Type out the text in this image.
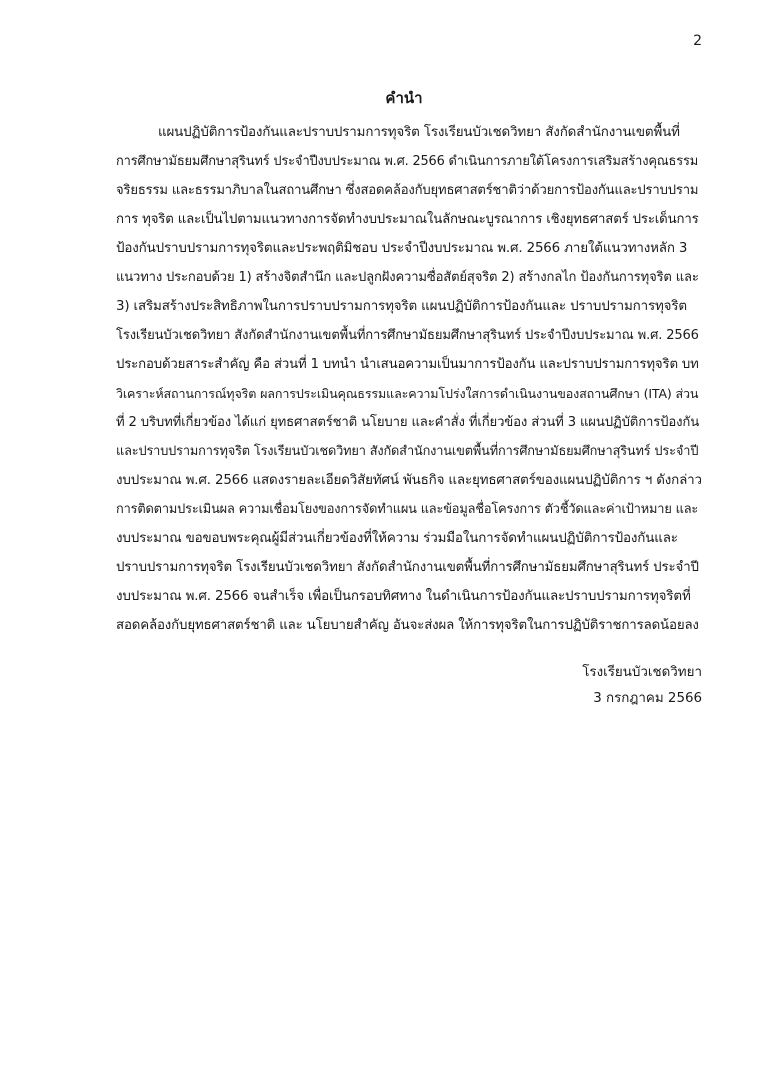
2
คำนำ
แผนปฏิบัติการป้องกันและปราบปรามการทุจริต โรงเรียนบัวเชดวิทยา สังกัดสำนักงานเขตพื้นที่
การศึกษามัธยมศึกษาสุรินทร์ ประจำปีงบประมาณ พ.ศ. 2566 ดำเนินการภายใต้โครงการเสริมสร้างคุณธรรม
จริยธรรม และธรรมาภิบาลในสถานศึกษา ซึ่งสอดคล้องกับยุทธศาสตร์ชาติว่าด้วยการป้องกันและปราบปราม
การ ทุจริต และเป็นไปตามแนวทางการจัดทำงบประมาณในลักษณะบูรณาการ เชิงยุทธศาสตร์ ประเด็นการ
ป้องกันปราบปรามการทุจริตและประพฤติมิชอบ ประจำปีงบประมาณ พ.ศ. 2566 ภายใต้แนวทางหลัก 3
แนวทาง ประกอบด้วย 1) สร้างจิตสำนึก และปลูกฝังความซื่อสัตย์สุจริต 2) สร้างกลไก ป้องกันการทุจริต และ
3) เสริมสร้างประสิทธิภาพในการปราบปรามการทุจริต แผนปฏิบัติการป้องกันและ ปราบปรามการทุจริต
โรงเรียนบัวเชดวิทยา สังกัดสำนักงานเขตพื้นที่การศึกษามัธยมศึกษาสุรินทร์ ประจำปีงบประมาณ พ.ศ. 2566
ประกอบด้วยสาระสำคัญ คือ ส่วนที่ 1 บทนำ นำเสนอความเป็นมาการป้องกัน และปราบปรามการทุจริต บท
วิเคราะห์สถานการณ์ทุจริต ผลการประเมินคุณธรรมและความโปร่งใสการดำเนินงานของสถานศึกษา (ITA) ส่วน
ที่ 2 บริบทที่เกี่ยวข้อง ได้แก่ ยุทธศาสตร์ชาติ นโยบาย และคำสั่ง ที่เกี่ยวข้อง ส่วนที่ 3 แผนปฏิบัติการป้องกัน
และปราบปรามการทุจริต โรงเรียนบัวเชดวิทยา สังกัดสำนักงานเขตพื้นที่การศึกษามัธยมศึกษาสุรินทร์ ประจำปี
งบประมาณ พ.ศ. 2566 แสดงรายละเอียดวิสัยทัศน์ พันธกิจ และยุทธศาสตร์ของแผนปฏิบัติการ ฯ ดังกล่าว
การติดตามประเมินผล ความเชื่อมโยงของการจัดทำแผน และข้อมูลชื่อโครงการ ตัวชี้วัดและค่าเป้าหมาย และ
งบประมาณ ขอขอบพระคุณผู้มีส่วนเกี่ยวข้องที่ให้ความ ร่วมมือในการจัดทำแผนปฏิบัติการป้องกันและ
ปราบปรามการทุจริต โรงเรียนบัวเชดวิทยา สังกัดสำนักงานเขตพื้นที่การศึกษามัธยมศึกษาสุรินทร์ ประจำปี
งบประมาณ พ.ศ. 2566 จนสำเร็จ เพื่อเป็นกรอบทิศทาง ในดำเนินการป้องกันและปราบปรามการทุจริตที่
สอดคล้องกับยุทธศาสตร์ชาติ และ นโยบายสำคัญ อันจะส่งผล ให้การทุจริตในการปฏิบัติราชการลดน้อยลง
โรงเรียนบัวเชดวิทยา
3 กรกฎาคม 2566
